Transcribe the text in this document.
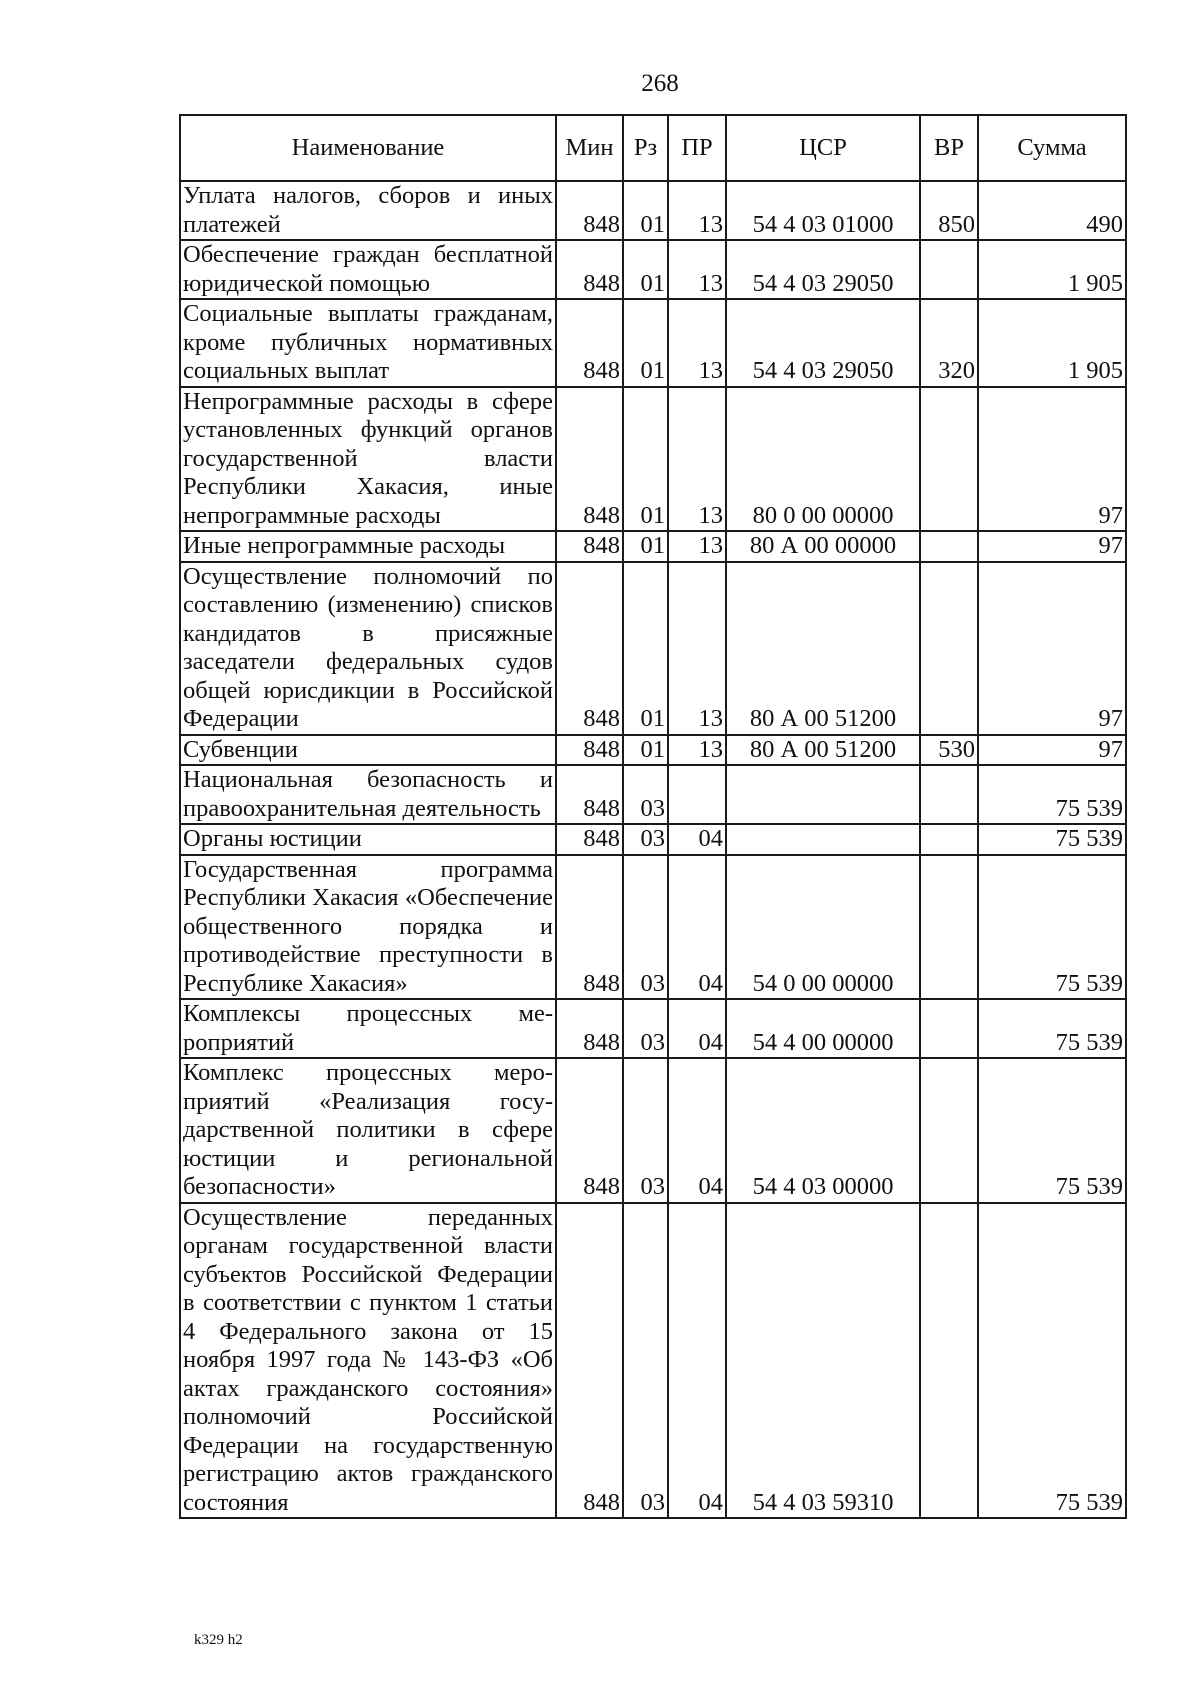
268
Наименование	Мин	Рз	ПР	ЦСР	ВР	Сумма
Уплата налогов, сборов и иных платежей	848	01	13	54 4 03 01000	850	490
Обеспечение граждан бесплатной юридической помощью	848	01	13	54 4 03 29050		1 905
Социальные выплаты гражданам, кроме публичных нормативных социальных выплат	848	01	13	54 4 03 29050	320	1 905
Непрограммные расходы в сфере установленных функций органов государственной власти Республики Хакасия, иные непрограммные расходы	848	01	13	80 0 00 00000		97
Иные непрограммные расходы	848	01	13	80 А 00 00000		97
Осуществление полномочий по составлению (изменению) списков кандидатов в присяжные заседатели федеральных судов общей юрисдикции в Российской Федерации	848	01	13	80 А 00 51200		97
Субвенции	848	01	13	80 А 00 51200	530	97
Национальная безопасность и правоохранительная деятельность	848	03				75 539
Органы юстиции	848	03	04			75 539
Государственная программа Республики Хакасия «Обеспечение общественного порядка и противодействие преступности в Республике Хакасия»	848	03	04	54 0 00 00000		75 539
Комплексы процессных мероприятий	848	03	04	54 4 00 00000		75 539
Комплекс процессных мероприятий «Реализация государственной политики в сфере юстиции и региональной безопасности»	848	03	04	54 4 03 00000		75 539
Осуществление переданных органам государственной власти субъектов Российской Федерации в соответствии с пунктом 1 статьи 4 Федерального закона от 15 ноября 1997 года № 143-ФЗ «Об актах гражданского состояния» полномочий Российской Федерации на государственную регистрацию актов гражданского состояния	848	03	04	54 4 03 59310		75 539
k329 h2
